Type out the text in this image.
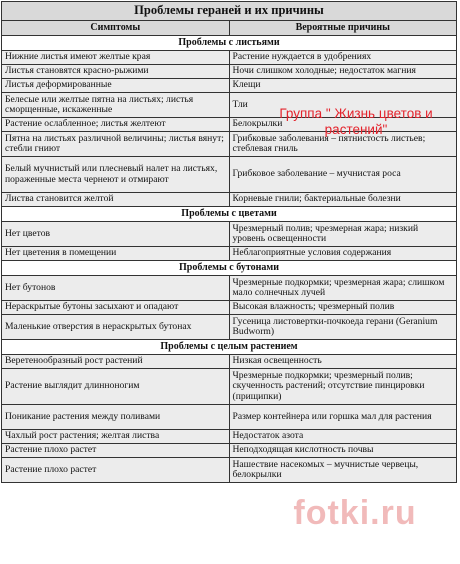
Проблемы гераней и их причины	
Симптомы	Вероятные причины
Проблемы с листьями	
Нижние листья имеют желтые края	Растение нуждается в удобрениях
Листья становятся красно-рыжими	Ночи слишком холодные; недостаток магния
Листья деформированные	Клещи
Белесые или желтые пятна на листьях; листья сморщенные, искаженные	Тли
Растение ослабленное; листья желтеют	Белокрылки
Пятна на листьях различной величины; листья вянут; стебли гниют	Грибковые заболевания – пятнистость листьев; стеблевая гниль
Белый мучнистый или плесневый налет на листьях, пораженные места чернеют и отмирают	Грибковое заболевание – мучнистая роса
Листва становится желтой	Корневые гнили; бактериальные болезни
Проблемы с цветами	
Нет цветов	Чрезмерный полив; чрезмерная жара; низкий уровень освещенности
Нет цветения в помещении	Неблагоприятные условия содержания
Проблемы с бутонами	
Нет бутонов	Чрезмерные подкормки; чрезмерная жара; слишком мало солнечных лучей
Нераскрытые бутоны засыхают и опадают	Высокая влажность; чрезмерный полив
Маленькие отверстия в нераскрытых бутонах	Гусеница листовертки-почкоеда герани (Geranium Budworm)
Проблемы с целым растением	
Веретенообразный рост растений	Низкая освещенность
Растение выглядит длинноногим	Чрезмерные подкормки; чрезмерный полив; скученность растений; отсутствие пинцировки (прищипки)
Поникание растения между поливами	Размер контейнера или горшка мал для растения
Чахлый рост растения; желтая листва	Недостаток азота
Растение плохо растет	Неподходящая кислотность почвы
Растение плохо растет	Нашествие насекомых – мучнистые червецы, белокрылки
Группа " Жизнь цветов и растений"
fotki.ru
